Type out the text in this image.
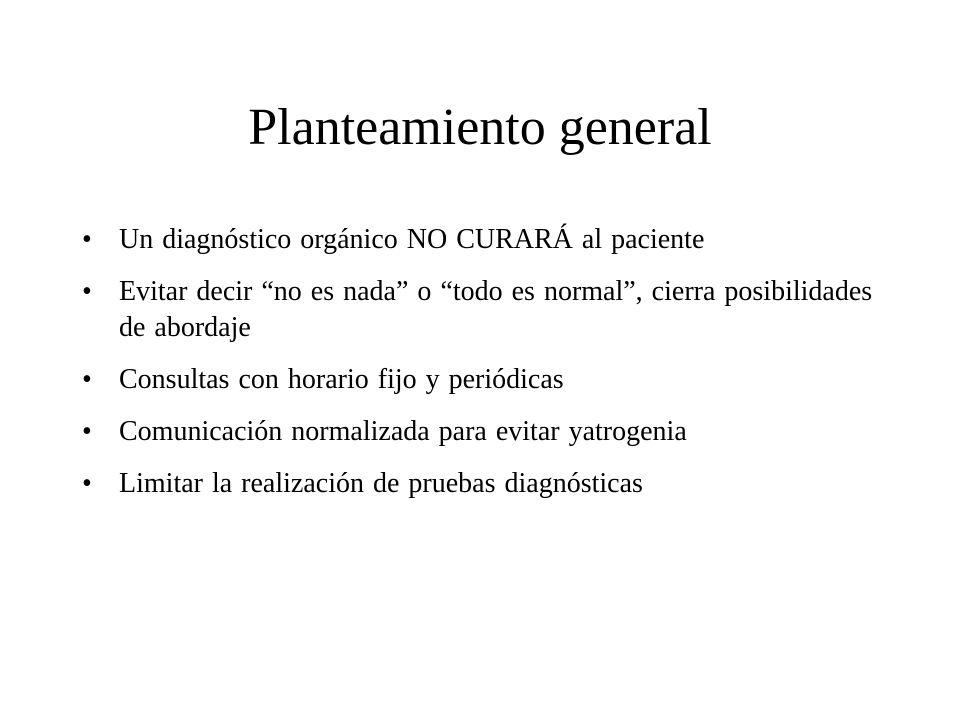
Planteamiento general
• Un diagnóstico orgánico NO CURARÁ al paciente
• Evitar decir “no es nada” o “todo es normal”, cierra posibilidades de abordaje
• Consultas con horario fijo y periódicas
• Comunicación normalizada para evitar yatrogenia
• Limitar la realización de pruebas diagnósticas
